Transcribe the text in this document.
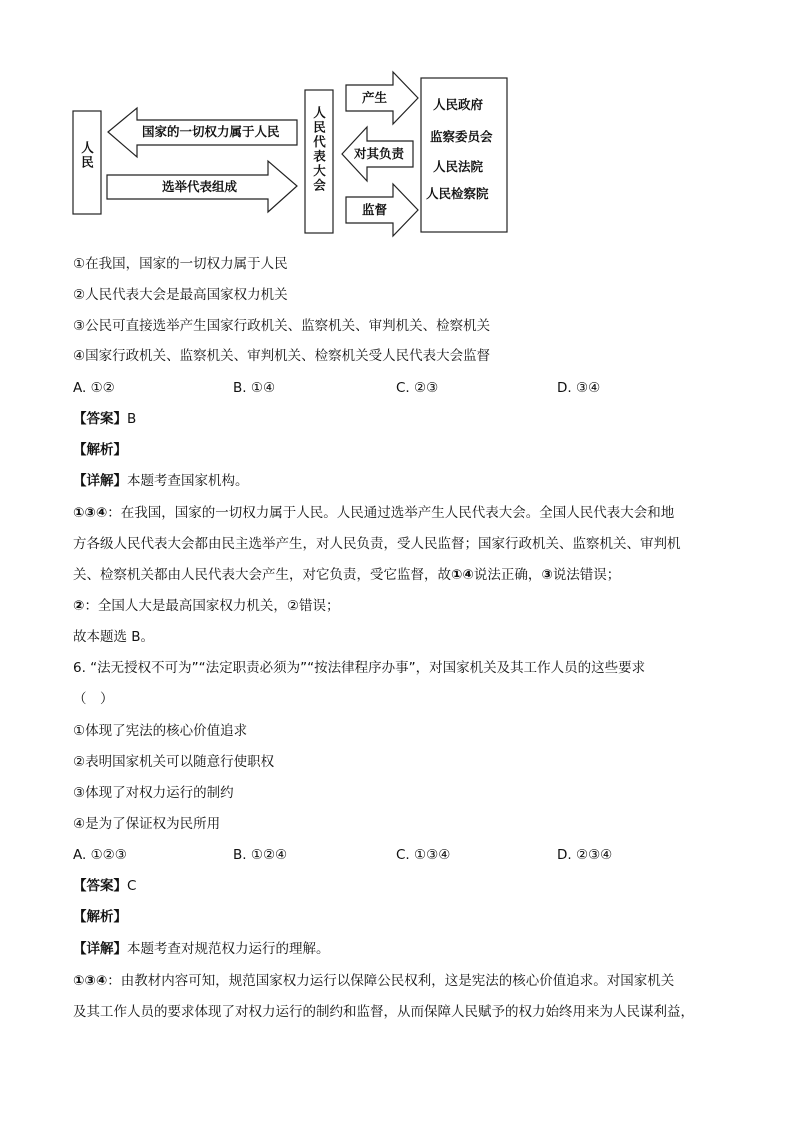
人民
国家的一切权力属于人民
选举代表组成	人民代表大会
产生
对其负责
监督
人民政府
监察委员会
人民法院
人民检察院
①在我国，国家的一切权力属于人民
②人民代表大会是最高国家权力机关
③公民可直接选举产生国家行政机关、监察机关、审判机关、检察机关
④国家行政机关、监察机关、审判机关、检察机关受人民代表大会监督
A. ①②	B. ①④	C. ②③	D. ③④
【答案】B
【解析】
【详解】本题考查国家机构。
①③④：在我国，国家的一切权力属于人民。人民通过选举产生人民代表大会。全国人民代表大会和地
方各级人民代表大会都由民主选举产生，对人民负责，受人民监督；国家行政机关、监察机关、审判机
关、检察机关都由人民代表大会产生，对它负责，受它监督，故①④说法正确，③说法错误；
②：全国人大是最高国家权力机关，②错误；
故本题选 B。
6. “法无授权不可为”“法定职责必须为”“按法律程序办事”，对国家机关及其工作人员的这些要求
（　）
①体现了宪法的核心价值追求
②表明国家机关可以随意行使职权
③体现了对权力运行的制约
④是为了保证权为民所用
A. ①②③	B. ①②④	C. ①③④	D. ②③④
【答案】C
【解析】
【详解】本题考查对规范权力运行的理解。
①③④：由教材内容可知，规范国家权力运行以保障公民权利，这是宪法的核心价值追求。对国家机关
及其工作人员的要求体现了对权力运行的制约和监督，从而保障人民赋予的权力始终用来为人民谋利益，
